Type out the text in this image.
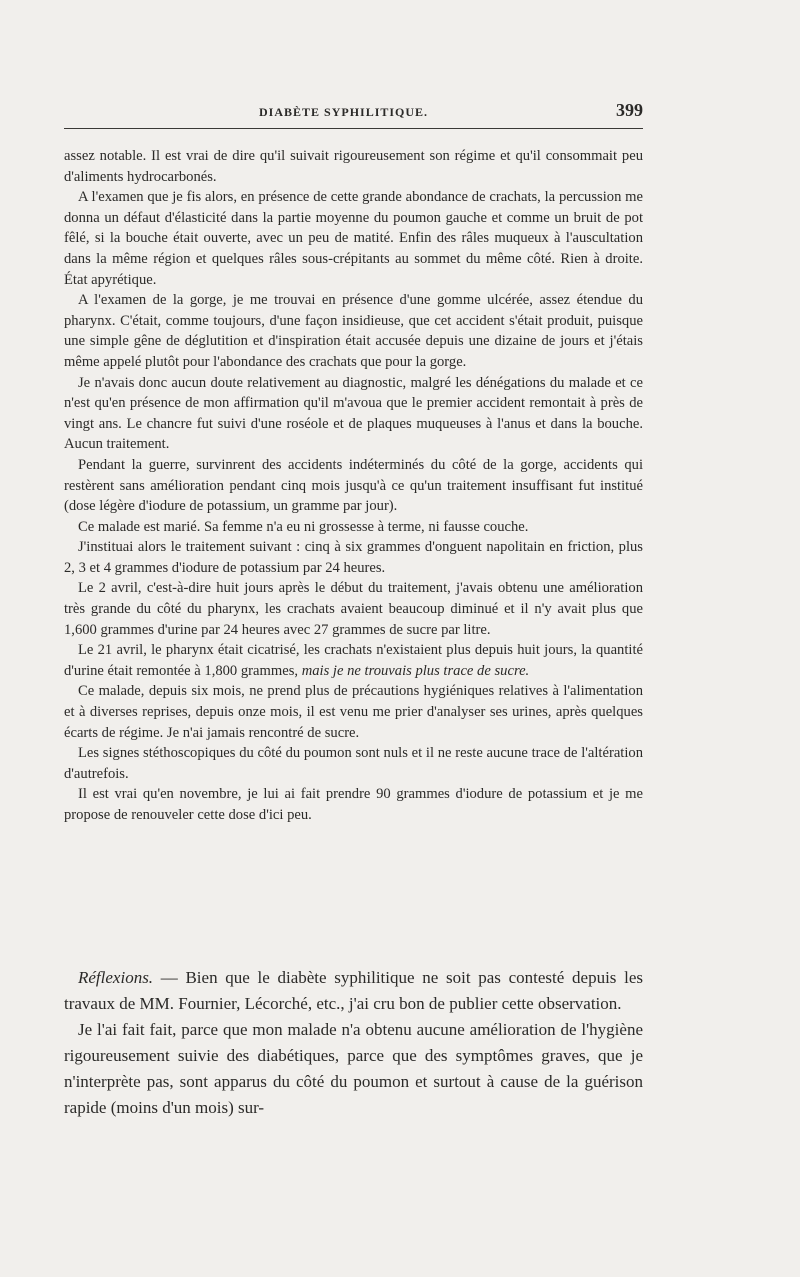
DIABÈTE SYPHILITIQUE.	399

assez notable. Il est vrai de dire qu'il suivait rigoureusement son régime et qu'il consommait peu d'aliments hydrocarbonés.

A l'examen que je fis alors, en présence de cette grande abondance de crachats, la percussion me donna un défaut d'élasticité dans la partie moyenne du poumon gauche et comme un bruit de pot fêlé, si la bouche était ouverte, avec un peu de matité. Enfin des râles muqueux à l'auscultation dans la même région et quelques râles sous-crépitants au sommet du même côté. Rien à droite. État apyrétique.

A l'examen de la gorge, je me trouvai en présence d'une gomme ulcérée, assez étendue du pharynx. C'était, comme toujours, d'une façon insidieuse, que cet accident s'était produit, puisque une simple gêne de déglutition et d'inspiration était accusée depuis une dizaine de jours et j'étais même appelé plutôt pour l'abondance des crachats que pour la gorge.

Je n'avais donc aucun doute relativement au diagnostic, malgré les dénégations du malade et ce n'est qu'en présence de mon affirmation qu'il m'avoua que le premier accident remontait à près de vingt ans. Le chancre fut suivi d'une roséole et de plaques muqueuses à l'anus et dans la bouche. Aucun traitement.

Pendant la guerre, survinrent des accidents indéterminés du côté de la gorge, accidents qui restèrent sans amélioration pendant cinq mois jusqu'à ce qu'un traitement insuffisant fut institué (dose légère d'iodure de potassium, un gramme par jour).

Ce malade est marié. Sa femme n'a eu ni grossesse à terme, ni fausse couche.

J'instituai alors le traitement suivant : cinq à six grammes d'onguent napolitain en friction, plus 2, 3 et 4 grammes d'iodure de potassium par 24 heures.

Le 2 avril, c'est-à-dire huit jours après le début du traitement, j'avais obtenu une amélioration très grande du côté du pharynx, les crachats avaient beaucoup diminué et il n'y avait plus que 1,600 grammes d'urine par 24 heures avec 27 grammes de sucre par litre.

Le 21 avril, le pharynx était cicatrisé, les crachats n'existaient plus depuis huit jours, la quantité d'urine était remontée à 1,800 grammes, mais je ne trouvais plus trace de sucre.

Ce malade, depuis six mois, ne prend plus de précautions hygiéniques relatives à l'alimentation et à diverses reprises, depuis onze mois, il est venu me prier d'analyser ses urines, après quelques écarts de régime. Je n'ai jamais rencontré de sucre.

Les signes stéthoscopiques du côté du poumon sont nuls et il ne reste aucune trace de l'altération d'autrefois.

Il est vrai qu'en novembre, je lui ai fait prendre 90 grammes d'iodure de potassium et je me propose de renouveler cette dose d'ici peu.

Réflexions. — Bien que le diabète syphilitique ne soit pas contesté depuis les travaux de MM. Fournier, Lécorché, etc., j'ai cru bon de publier cette observation.

Je l'ai fait fait, parce que mon malade n'a obtenu aucune amélioration de l'hygiène rigoureusement suivie des diabétiques, parce que des symptômes graves, que je n'interprète pas, sont apparus du côté du poumon et surtout à cause de la guérison rapide (moins d'un mois) sur-
